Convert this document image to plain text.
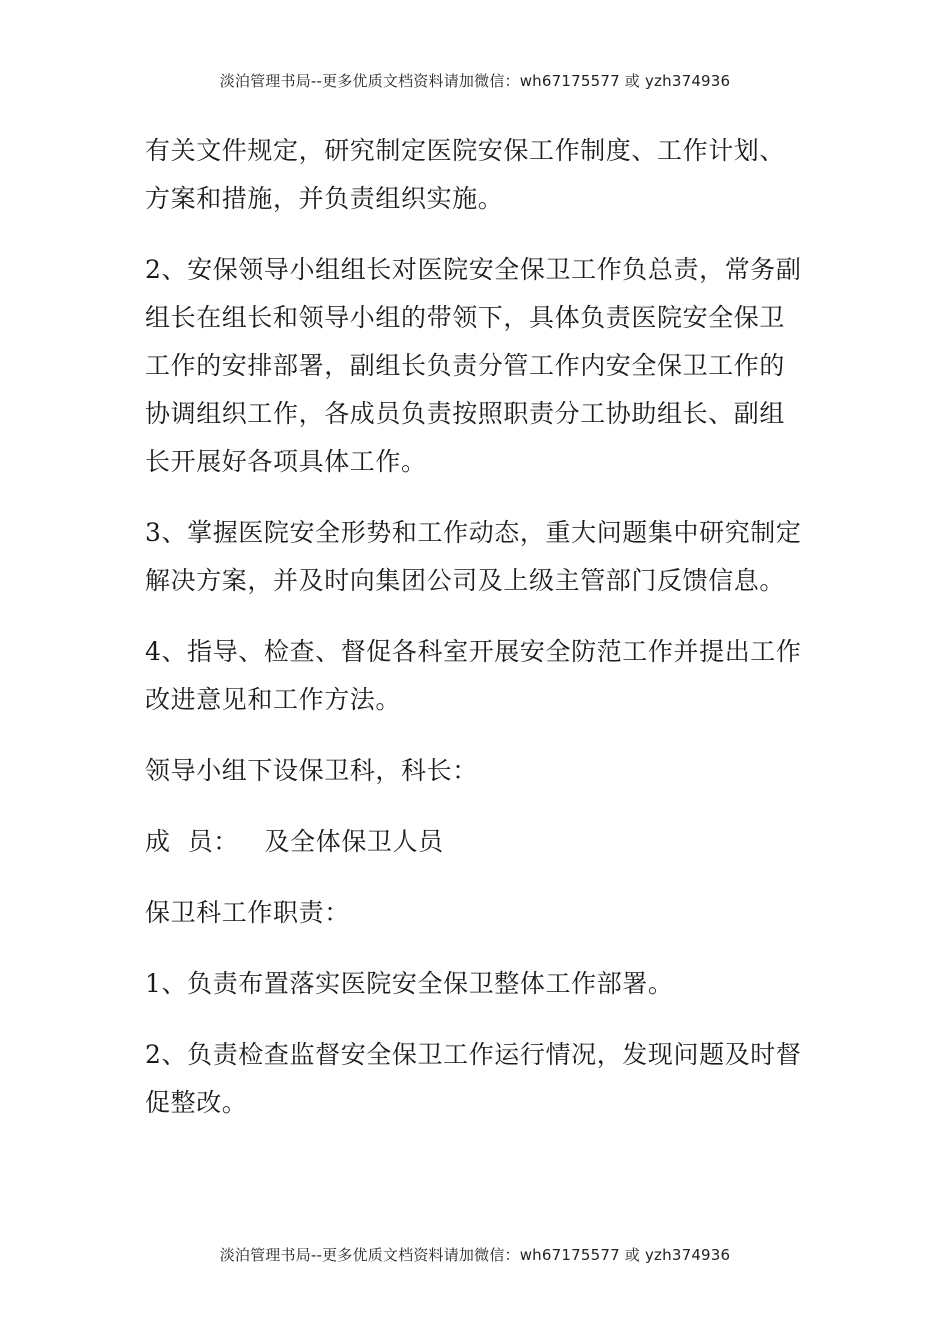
淡泊管理书局--更多优质文档资料请加微信：wh67175577 或 yzh374936

有关文件规定，研究制定医院安保工作制度、工作计划、
方案和措施，并负责组织实施。

2、安保领导小组组长对医院安全保卫工作负总责，常务副
组长在组长和领导小组的带领下，具体负责医院安全保卫
工作的安排部署，副组长负责分管工作内安全保卫工作的
协调组织工作，各成员负责按照职责分工协助组长、副组
长开展好各项具体工作。

3、掌握医院安全形势和工作动态，重大问题集中研究制定
解决方案，并及时向集团公司及上级主管部门反馈信息。

4、指导、检查、督促各科室开展安全防范工作并提出工作
改进意见和工作方法。

领导小组下设保卫科，科长：

成  员：   及全体保卫人员

保卫科工作职责：

1、负责布置落实医院安全保卫整体工作部署。

2、负责检查监督安全保卫工作运行情况，发现问题及时督
促整改。

淡泊管理书局--更多优质文档资料请加微信：wh67175577 或 yzh374936
